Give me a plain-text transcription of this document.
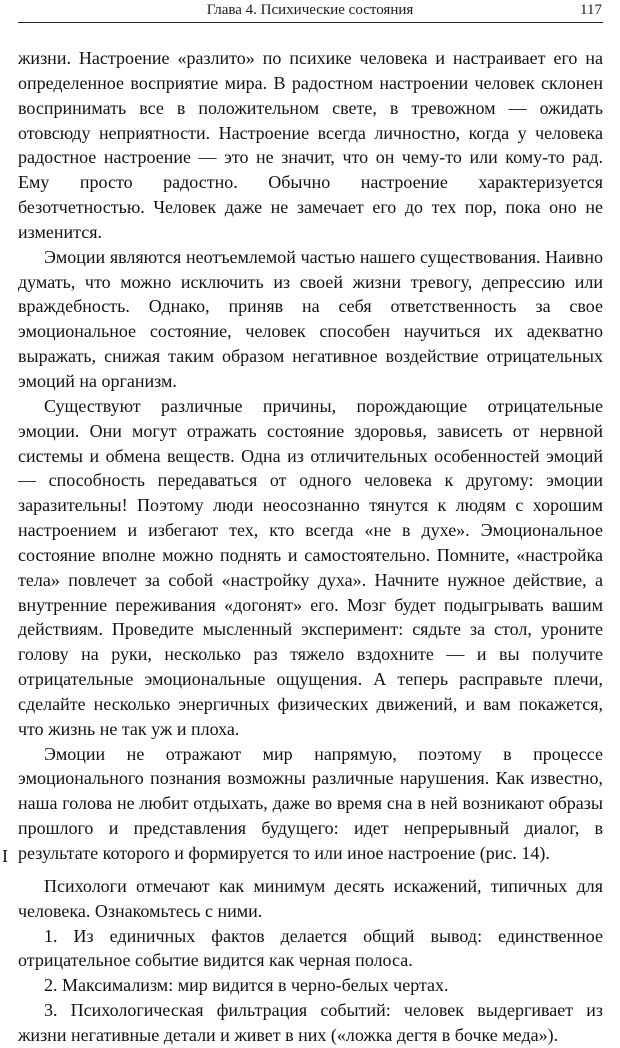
Глава 4. Психические состояния	117

жизни. Настроение «разлито» по психике человека и настраивает его на определенное восприятие мира. В радостном настроении человек склонен воспринимать все в положительном свете, в тревожном — ожидать отовсюду неприятности. Настроение всегда личностно, когда у человека радостное настроение — это не значит, что он чему-то или кому-то рад. Ему просто радостно. Обычно настроение характеризуется безотчетностью. Человек даже не замечает его до тех пор, пока оно не изменится.

Эмоции являются неотъемлемой частью нашего существования. Наивно думать, что можно исключить из своей жизни тревогу, депрессию или враждебность. Однако, приняв на себя ответственность за свое эмоциональное состояние, человек способен научиться их адекватно выражать, снижая таким образом негативное воздействие отрицательных эмоций на организм.

Существуют различные причины, порождающие отрицательные эмоции. Они могут отражать состояние здоровья, зависеть от нервной системы и обмена веществ. Одна из отличительных особенностей эмоций — способность передаваться от одного человека к другому: эмоции заразительны! Поэтому люди неосознанно тянутся к людям с хорошим настроением и избегают тех, кто всегда «не в духе». Эмоциональное состояние вполне можно поднять и самостоятельно. Помните, «настройка тела» повлечет за собой «настройку духа». Начните нужное действие, а внутренние переживания «догонят» его. Мозг будет подыгрывать вашим действиям. Проведите мысленный эксперимент: сядьте за стол, уроните голову на руки, несколько раз тяжело вздохните — и вы получите отрицательные эмоциональные ощущения. А теперь расправьте плечи, сделайте несколько энергичных физических движений, и вам покажется, что жизнь не так уж и плоха.

Эмоции не отражают мир напрямую, поэтому в процессе эмоционального познания возможны различные нарушения. Как известно, наша голова не любит отдыхать, даже во время сна в ней возникают образы прошлого и представления будущего: идет непрерывный диалог, в результате которого и формируется то или иное настроение (рис. 14).

Психологи отмечают как минимум десять искажений, типичных для человека. Ознакомьтесь с ними.

1. Из единичных фактов делается общий вывод: единственное отрицательное событие видится как черная полоса.

2. Максимализм: мир видится в черно-белых чертах.

3. Психологическая фильтрация событий: человек выдергивает из жизни негативные детали и живет в них («ложка дегтя в бочке меда»).

I
